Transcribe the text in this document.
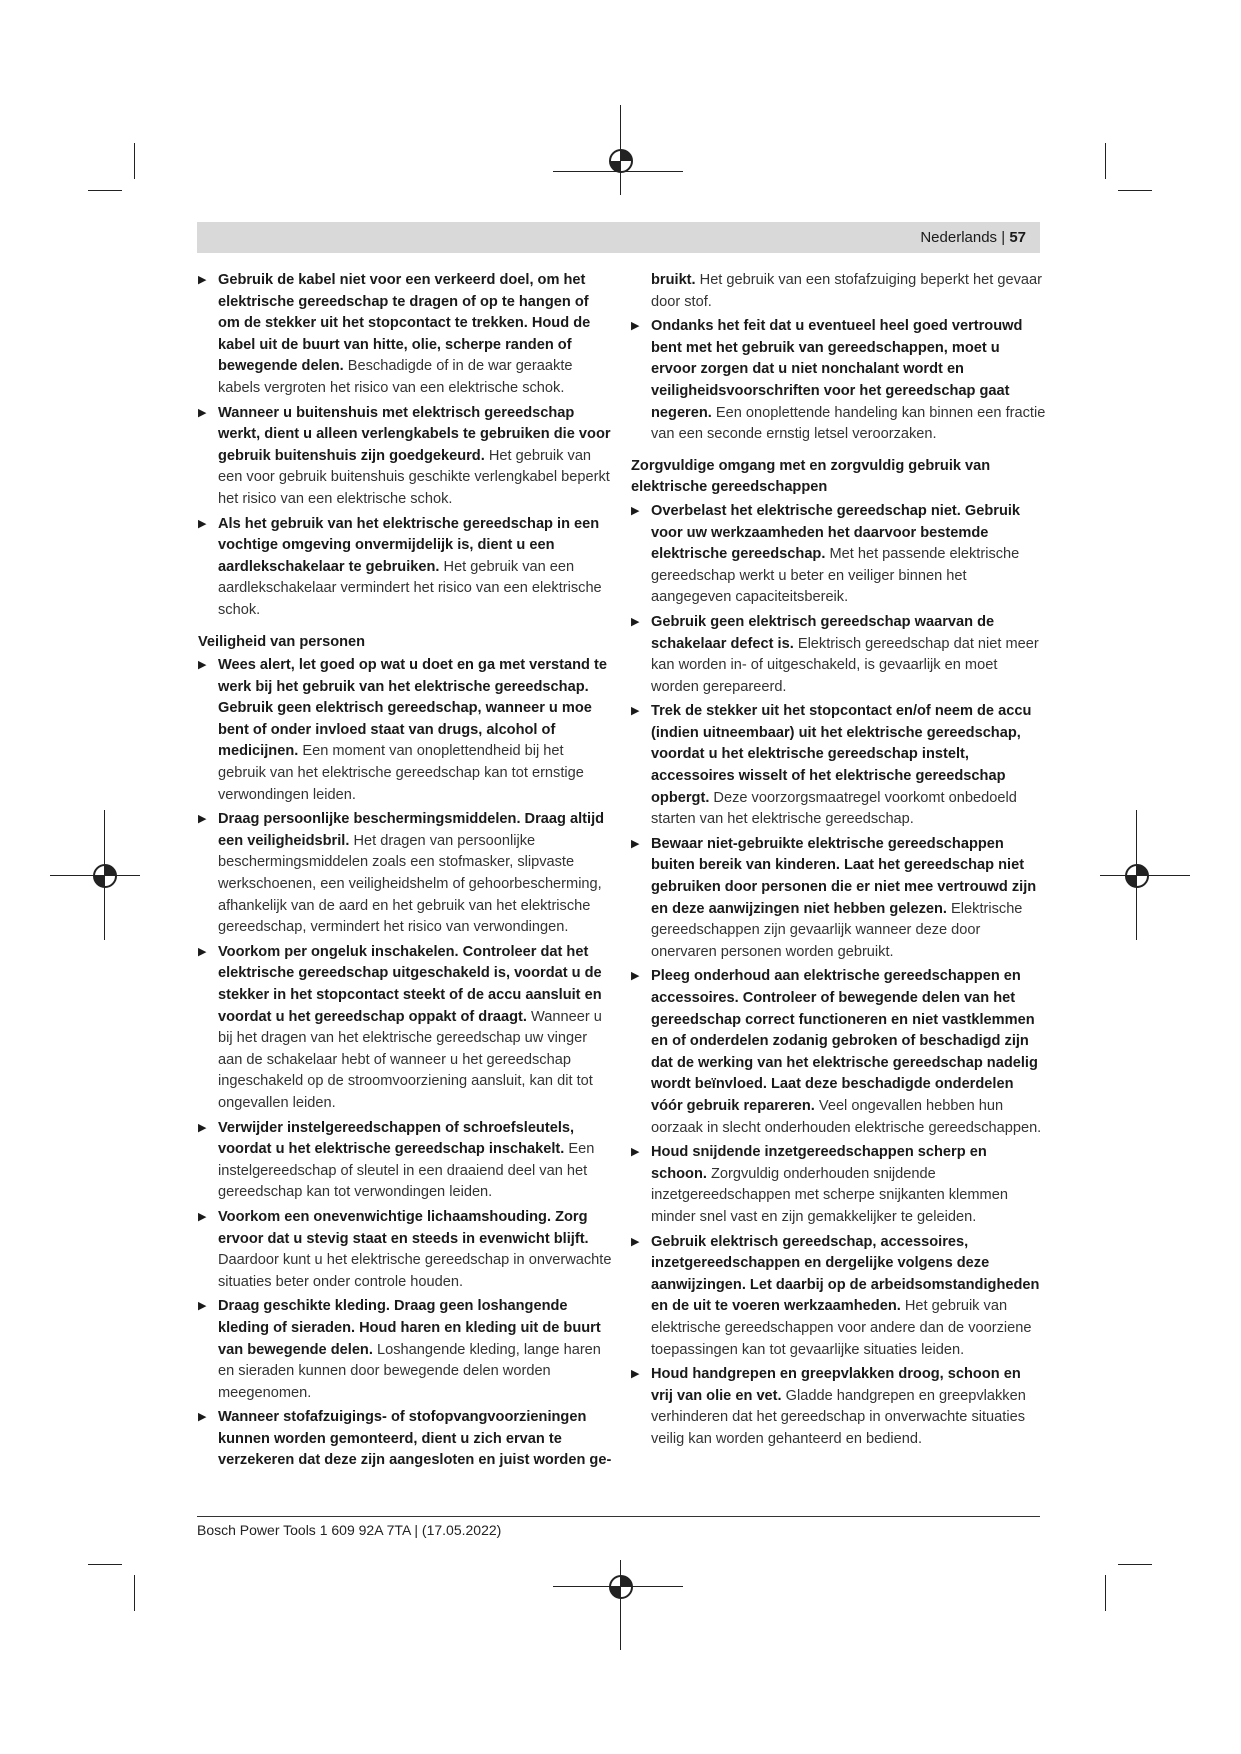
Nederlands | 57
▶ Gebruik de kabel niet voor een verkeerd doel, om het elektrische gereedschap te dragen of op te hangen of om de stekker uit het stopcontact te trekken. Houd de kabel uit de buurt van hitte, olie, scherpe randen of bewegende delen. Beschadigde of in de war geraakte kabels vergroten het risico van een elektrische schok.
▶ Wanneer u buitenshuis met elektrisch gereedschap werkt, dient u alleen verlengkabels te gebruiken die voor gebruik buitenshuis zijn goedgekeurd. Het gebruik van een voor gebruik buitenshuis geschikte verlengkabel beperkt het risico van een elektrische schok.
▶ Als het gebruik van het elektrische gereedschap in een vochtige omgeving onvermijdelijk is, dient u een aardlekschakelaar te gebruiken. Het gebruik van een aardlekschakelaar vermindert het risico van een elektrische schok.
Veiligheid van personen
▶ Wees alert, let goed op wat u doet en ga met verstand te werk bij het gebruik van het elektrische gereedschap. Gebruik geen elektrisch gereedschap, wanneer u moe bent of onder invloed staat van drugs, alcohol of medicijnen. Een moment van onoplettendheid bij het gebruik van het elektrische gereedschap kan tot ernstige verwondingen leiden.
▶ Draag persoonlijke beschermingsmiddelen. Draag altijd een veiligheidsbril. Het dragen van persoonlijke beschermingsmiddelen zoals een stofmasker, slipvaste werkschoenen, een veiligheidshelm of gehoorbescherming, afhankelijk van de aard en het gebruik van het elektrische gereedschap, vermindert het risico van verwondingen.
▶ Voorkom per ongeluk inschakelen. Controleer dat het elektrische gereedschap uitgeschakeld is, voordat u de stekker in het stopcontact steekt of de accu aansluit en voordat u het gereedschap oppakt of draagt. Wanneer u bij het dragen van het elektrische gereedschap uw vinger aan de schakelaar hebt of wanneer u het gereedschap ingeschakeld op de stroomvoorziening aansluit, kan dit tot ongevallen leiden.
▶ Verwijder instelgereedschappen of schroefsleutels, voordat u het elektrische gereedschap inschakelt. Een instelgereedschap of sleutel in een draaiend deel van het gereedschap kan tot verwondingen leiden.
▶ Voorkom een onevenwichtige lichaamshouding. Zorg ervoor dat u stevig staat en steeds in evenwicht blijft. Daardoor kunt u het elektrische gereedschap in onverwachte situaties beter onder controle houden.
▶ Draag geschikte kleding. Draag geen loshangende kleding of sieraden. Houd haren en kleding uit de buurt van bewegende delen. Loshangende kleding, lange haren en sieraden kunnen door bewegende delen worden meegenomen.
▶ Wanneer stofafzuigings- of stofopvangvoorzieningen kunnen worden gemonteerd, dient u zich ervan te verzekeren dat deze zijn aangesloten en juist worden ge-
bruikt. Het gebruik van een stofafzuiging beperkt het gevaar door stof.
▶ Ondanks het feit dat u eventueel heel goed vertrouwd bent met het gebruik van gereedschappen, moet u ervoor zorgen dat u niet nonchalant wordt en veiligheidsvoorschriften voor het gereedschap gaat negeren. Een onoplettende handeling kan binnen een fractie van een seconde ernstig letsel veroorzaken.
Zorgvuldige omgang met en zorgvuldig gebruik van elektrische gereedschappen
▶ Overbelast het elektrische gereedschap niet. Gebruik voor uw werkzaamheden het daarvoor bestemde elektrische gereedschap. Met het passende elektrische gereedschap werkt u beter en veiliger binnen het aangegeven capaciteitsbereik.
▶ Gebruik geen elektrisch gereedschap waarvan de schakelaar defect is. Elektrisch gereedschap dat niet meer kan worden in- of uitgeschakeld, is gevaarlijk en moet worden gerepareerd.
▶ Trek de stekker uit het stopcontact en/of neem de accu (indien uitneembaar) uit het elektrische gereedschap, voordat u het elektrische gereedschap instelt, accessoires wisselt of het elektrische gereedschap opbergt. Deze voorzorgsmaatregel voorkomt onbedoeld starten van het elektrische gereedschap.
▶ Bewaar niet-gebruikte elektrische gereedschappen buiten bereik van kinderen. Laat het gereedschap niet gebruiken door personen die er niet mee vertrouwd zijn en deze aanwijzingen niet hebben gelezen. Elektrische gereedschappen zijn gevaarlijk wanneer deze door onervaren personen worden gebruikt.
▶ Pleeg onderhoud aan elektrische gereedschappen en accessoires. Controleer of bewegende delen van het gereedschap correct functioneren en niet vastklemmen en of onderdelen zodanig gebroken of beschadigd zijn dat de werking van het elektrische gereedschap nadelig wordt beïnvloed. Laat deze beschadigde onderdelen vóór gebruik repareren. Veel ongevallen hebben hun oorzaak in slecht onderhouden elektrische gereedschappen.
▶ Houd snijdende inzetgereedschappen scherp en schoon. Zorgvuldig onderhouden snijdende inzetgereedschappen met scherpe snijkanten klemmen minder snel vast en zijn gemakkelijker te geleiden.
▶ Gebruik elektrisch gereedschap, accessoires, inzetgereedschappen en dergelijke volgens deze aanwijzingen. Let daarbij op de arbeidsomstandigheden en de uit te voeren werkzaamheden. Het gebruik van elektrische gereedschappen voor andere dan de voorziene toepassingen kan tot gevaarlijke situaties leiden.
▶ Houd handgrepen en greepvlakken droog, schoon en vrij van olie en vet. Gladde handgrepen en greepvlakken verhinderen dat het gereedschap in onverwachte situaties veilig kan worden gehanteerd en bediend.
Bosch Power Tools 1 609 92A 7TA | (17.05.2022)
